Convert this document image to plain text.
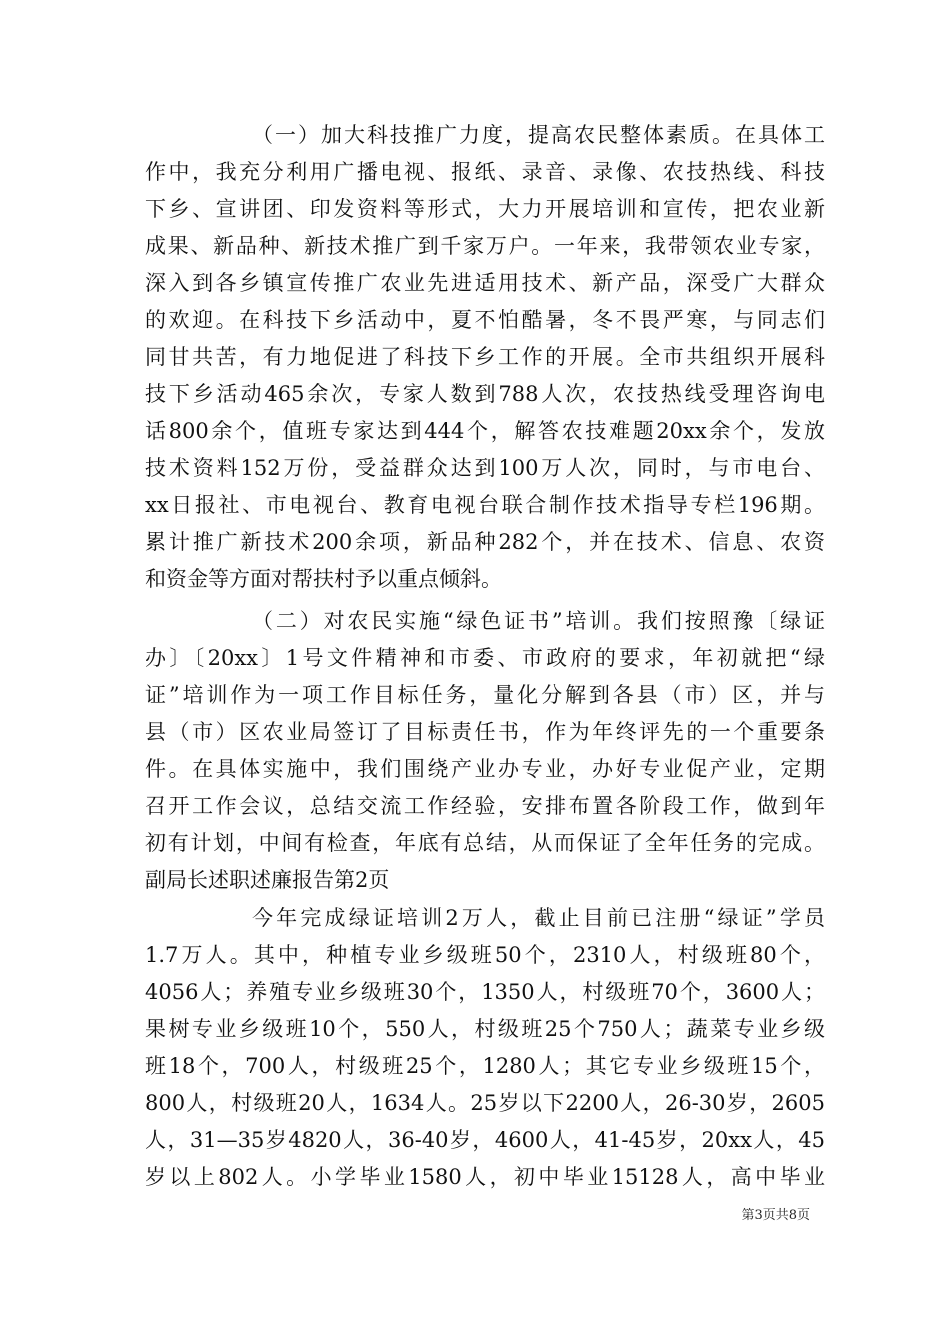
（一）加大科技推广力度，提高农民整体素质。在具体工
作中，我充分利用广播电视、报纸、录音、录像、农技热线、科技
下乡、宣讲团、印发资料等形式，大力开展培训和宣传，把农业新
成果、新品种、新技术推广到千家万户。一年来，我带领农业专家，
深入到各乡镇宣传推广农业先进适用技术、新产品，深受广大群众
的欢迎。在科技下乡活动中，夏不怕酷暑，冬不畏严寒，与同志们
同甘共苦，有力地促进了科技下乡工作的开展。全市共组织开展科
技下乡活动465余次，专家人数到788人次，农技热线受理咨询电
话800余个，值班专家达到444个，解答农技难题20xx余个，发放
技术资料152万份，受益群众达到100万人次，同时，与市电台、
xx日报社、市电视台、教育电视台联合制作技术指导专栏196期。
累计推广新技术200余项，新品种282个，并在技术、信息、农资
和资金等方面对帮扶村予以重点倾斜。
（二）对农民实施“绿色证书”培训。我们按照豫〔绿证
办〕〔20xx〕1号文件精神和市委、市政府的要求，年初就把“绿
证”培训作为一项工作目标任务，量化分解到各县（市）区，并与
县（市）区农业局签订了目标责任书，作为年终评先的一个重要条
件。在具体实施中，我们围绕产业办专业，办好专业促产业，定期
召开工作会议，总结交流工作经验，安排布置各阶段工作，做到年
初有计划，中间有检查，年底有总结，从而保证了全年任务的完成。
副局长述职述廉报告第2页
今年完成绿证培训2万人，截止目前已注册“绿证”学员
1.7万人。其中，种植专业乡级班50个，2310人，村级班80个，
4056人；养殖专业乡级班30个，1350人，村级班70个，3600人；
果树专业乡级班10个，550人，村级班25个750人；蔬菜专业乡级
班18个，700人，村级班25个，1280人；其它专业乡级班15个，
800人，村级班20人，1634人。25岁以下2200人，26-30岁，2605
人，31—35岁4820人，36-40岁，4600人，41-45岁，20xx人，45
岁以上802人。小学毕业1580人，初中毕业15128人，高中毕业
第3页共8页
